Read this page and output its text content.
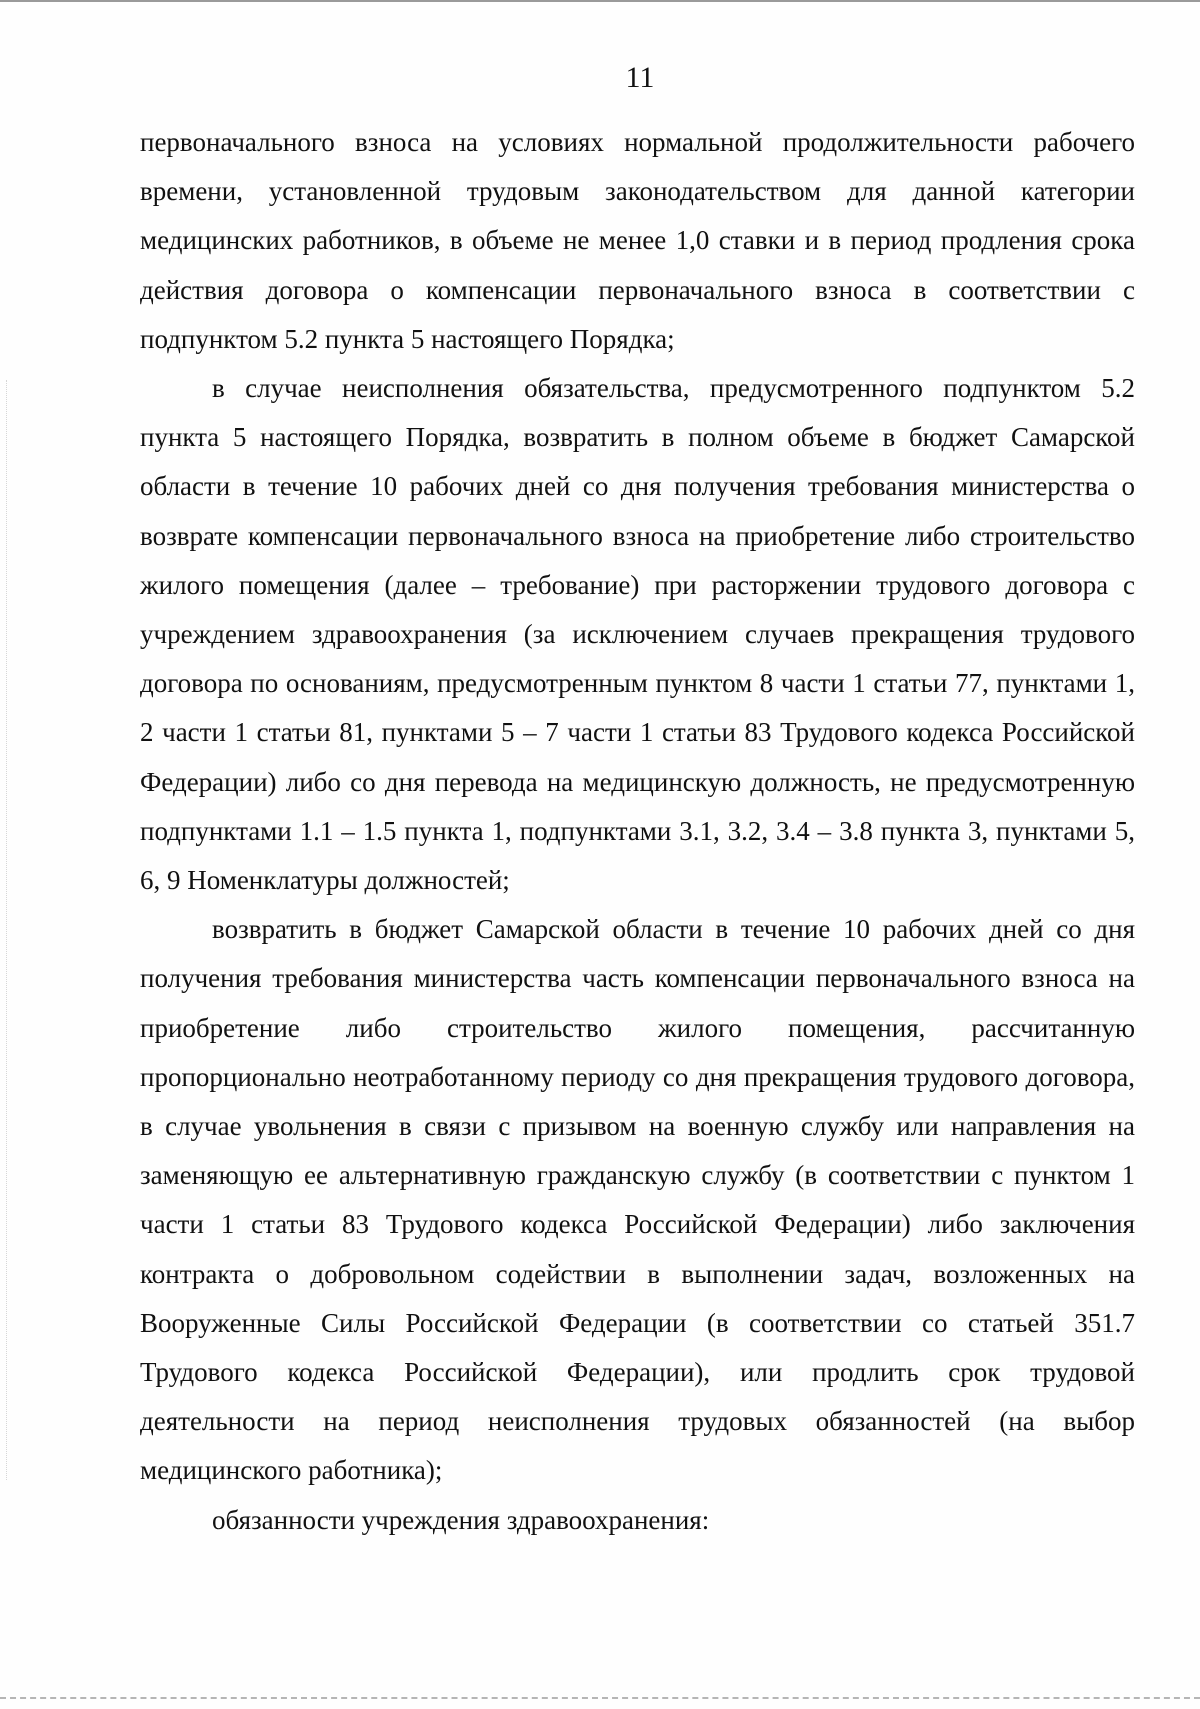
11

первоначального взноса на условиях нормальной продолжительности рабочего времени, установленной трудовым законодательством для данной категории медицинских работников, в объеме не менее 1,0 ставки и в период продления срока действия договора о компенсации первоначального взноса в соответствии с подпунктом 5.2 пункта 5 настоящего Порядка;

в случае неисполнения обязательства, предусмотренного подпунктом 5.2 пункта 5 настоящего Порядка, возвратить в полном объеме в бюджет Самарской области в течение 10 рабочих дней со дня получения требования министерства о возврате компенсации первоначального взноса на приобретение либо строительство жилого помещения (далее – требование) при расторжении трудового договора с учреждением здравоохранения (за исключением случаев прекращения трудового договора по основаниям, предусмотренным пунктом 8 части 1 статьи 77, пунктами 1, 2 части 1 статьи 81, пунктами 5 – 7 части 1 статьи 83 Трудового кодекса Российской Федерации) либо со дня перевода на медицинскую должность, не предусмотренную подпунктами 1.1 – 1.5 пункта 1, подпунктами 3.1, 3.2, 3.4 – 3.8 пункта 3, пунктами 5, 6, 9 Номенклатуры должностей;

возвратить в бюджет Самарской области в течение 10 рабочих дней со дня получения требования министерства часть компенсации первоначального взноса на приобретение либо строительство жилого помещения, рассчитанную пропорционально неотработанному периоду со дня прекращения трудового договора, в случае увольнения в связи с призывом на военную службу или направления на заменяющую ее альтернативную гражданскую службу (в соответствии с пунктом 1 части 1 статьи 83 Трудового кодекса Российской Федерации) либо заключения контракта о добровольном содействии в выполнении задач, возложенных на Вооруженные Силы Российской Федерации (в соответствии со статьей 351.7 Трудового кодекса Российской Федерации), или продлить срок трудовой деятельности на период неисполнения трудовых обязанностей (на выбор медицинского работника);

обязанности учреждения здравоохранения:
